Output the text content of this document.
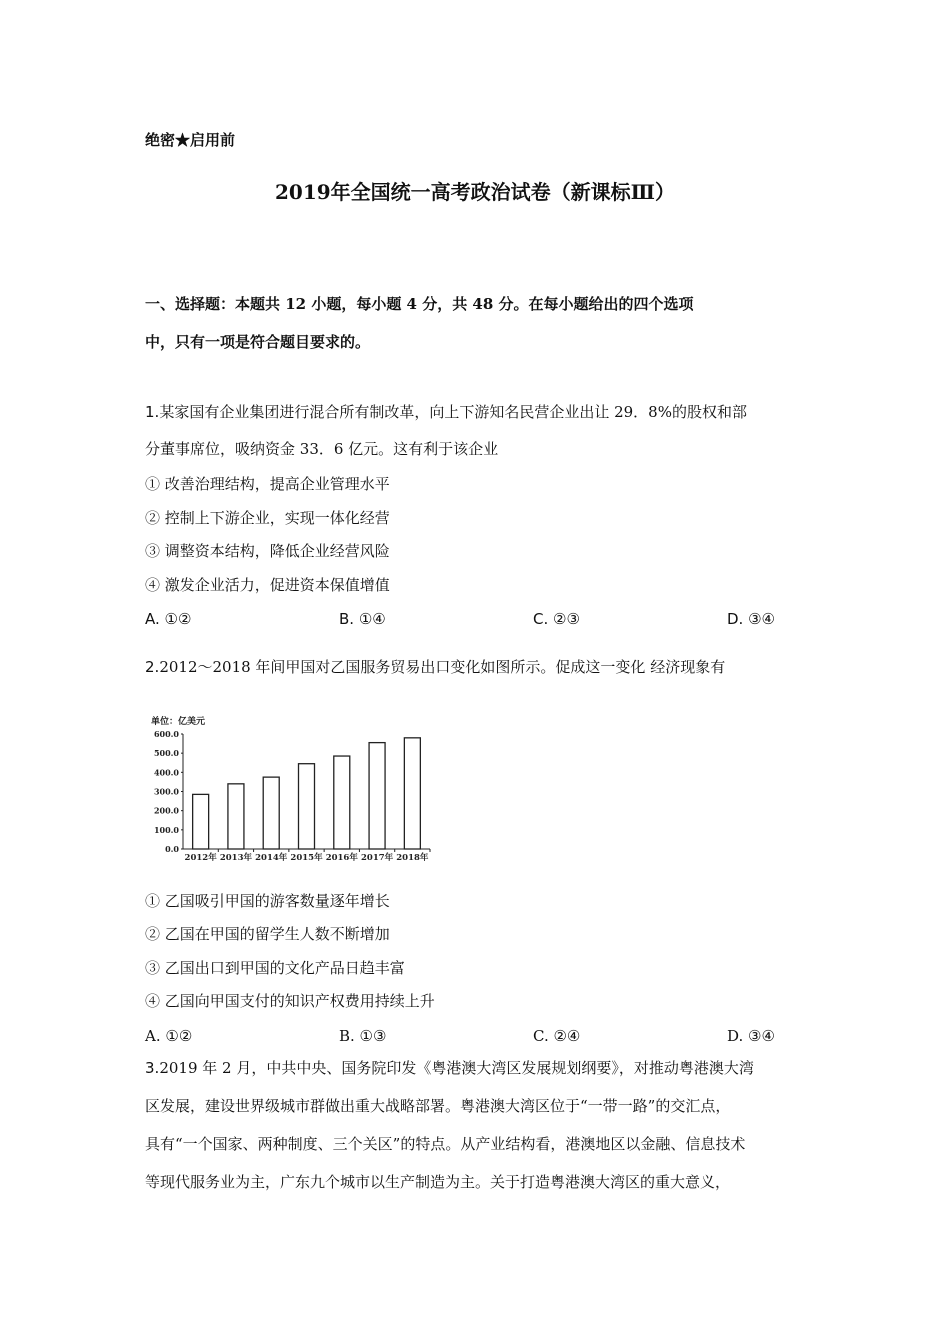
绝密★启用前
2019年全国统一高考政治试卷（新课标Ⅲ）
一、选择题：本题共 12 小题，每小题 4 分，共 48 分。在每小题给出的四个选项
中，只有一项是符合题目要求的。
1.某家国有企业集团进行混合所有制改革，向上下游知名民营企业出让 29．8%的股权和部
分董事席位，吸纳资金 33．6 亿元。这有利于该企业
① 改善治理结构，提高企业管理水平
② 控制上下游企业，实现一体化经营
③ 调整资本结构，降低企业经营风险
④ 激发企业活力，促进资本保值增值
A. ①②	B. ①④	C. ②③	D. ③④
2.2012～2018 年间甲国对乙国服务贸易出口变化如图所示。促成这一变化 经济现象有
单位：亿美元
600.0
500.0
400.0
300.0
200.0
100.0
0.0
2012年 2013年 2014年 2015年 2016年 2017年 2018年
① 乙国吸引甲国的游客数量逐年增长
② 乙国在甲国的留学生人数不断增加
③ 乙国出口到甲国的文化产品日趋丰富
④ 乙国向甲国支付的知识产权费用持续上升
A. ①②	B. ①③	C. ②④	D. ③④
3.2019 年 2 月，中共中央、国务院印发《粤港澳大湾区发展规划纲要》，对推动粤港澳大湾
区发展，建设世界级城市群做出重大战略部署。粤港澳大湾区位于“一带一路”的交汇点，
具有“一个国家、两种制度、三个关区”的特点。从产业结构看，港澳地区以金融、信息技术
等现代服务业为主，广东九个城市以生产制造为主。关于打造粤港澳大湾区的重大意义，
